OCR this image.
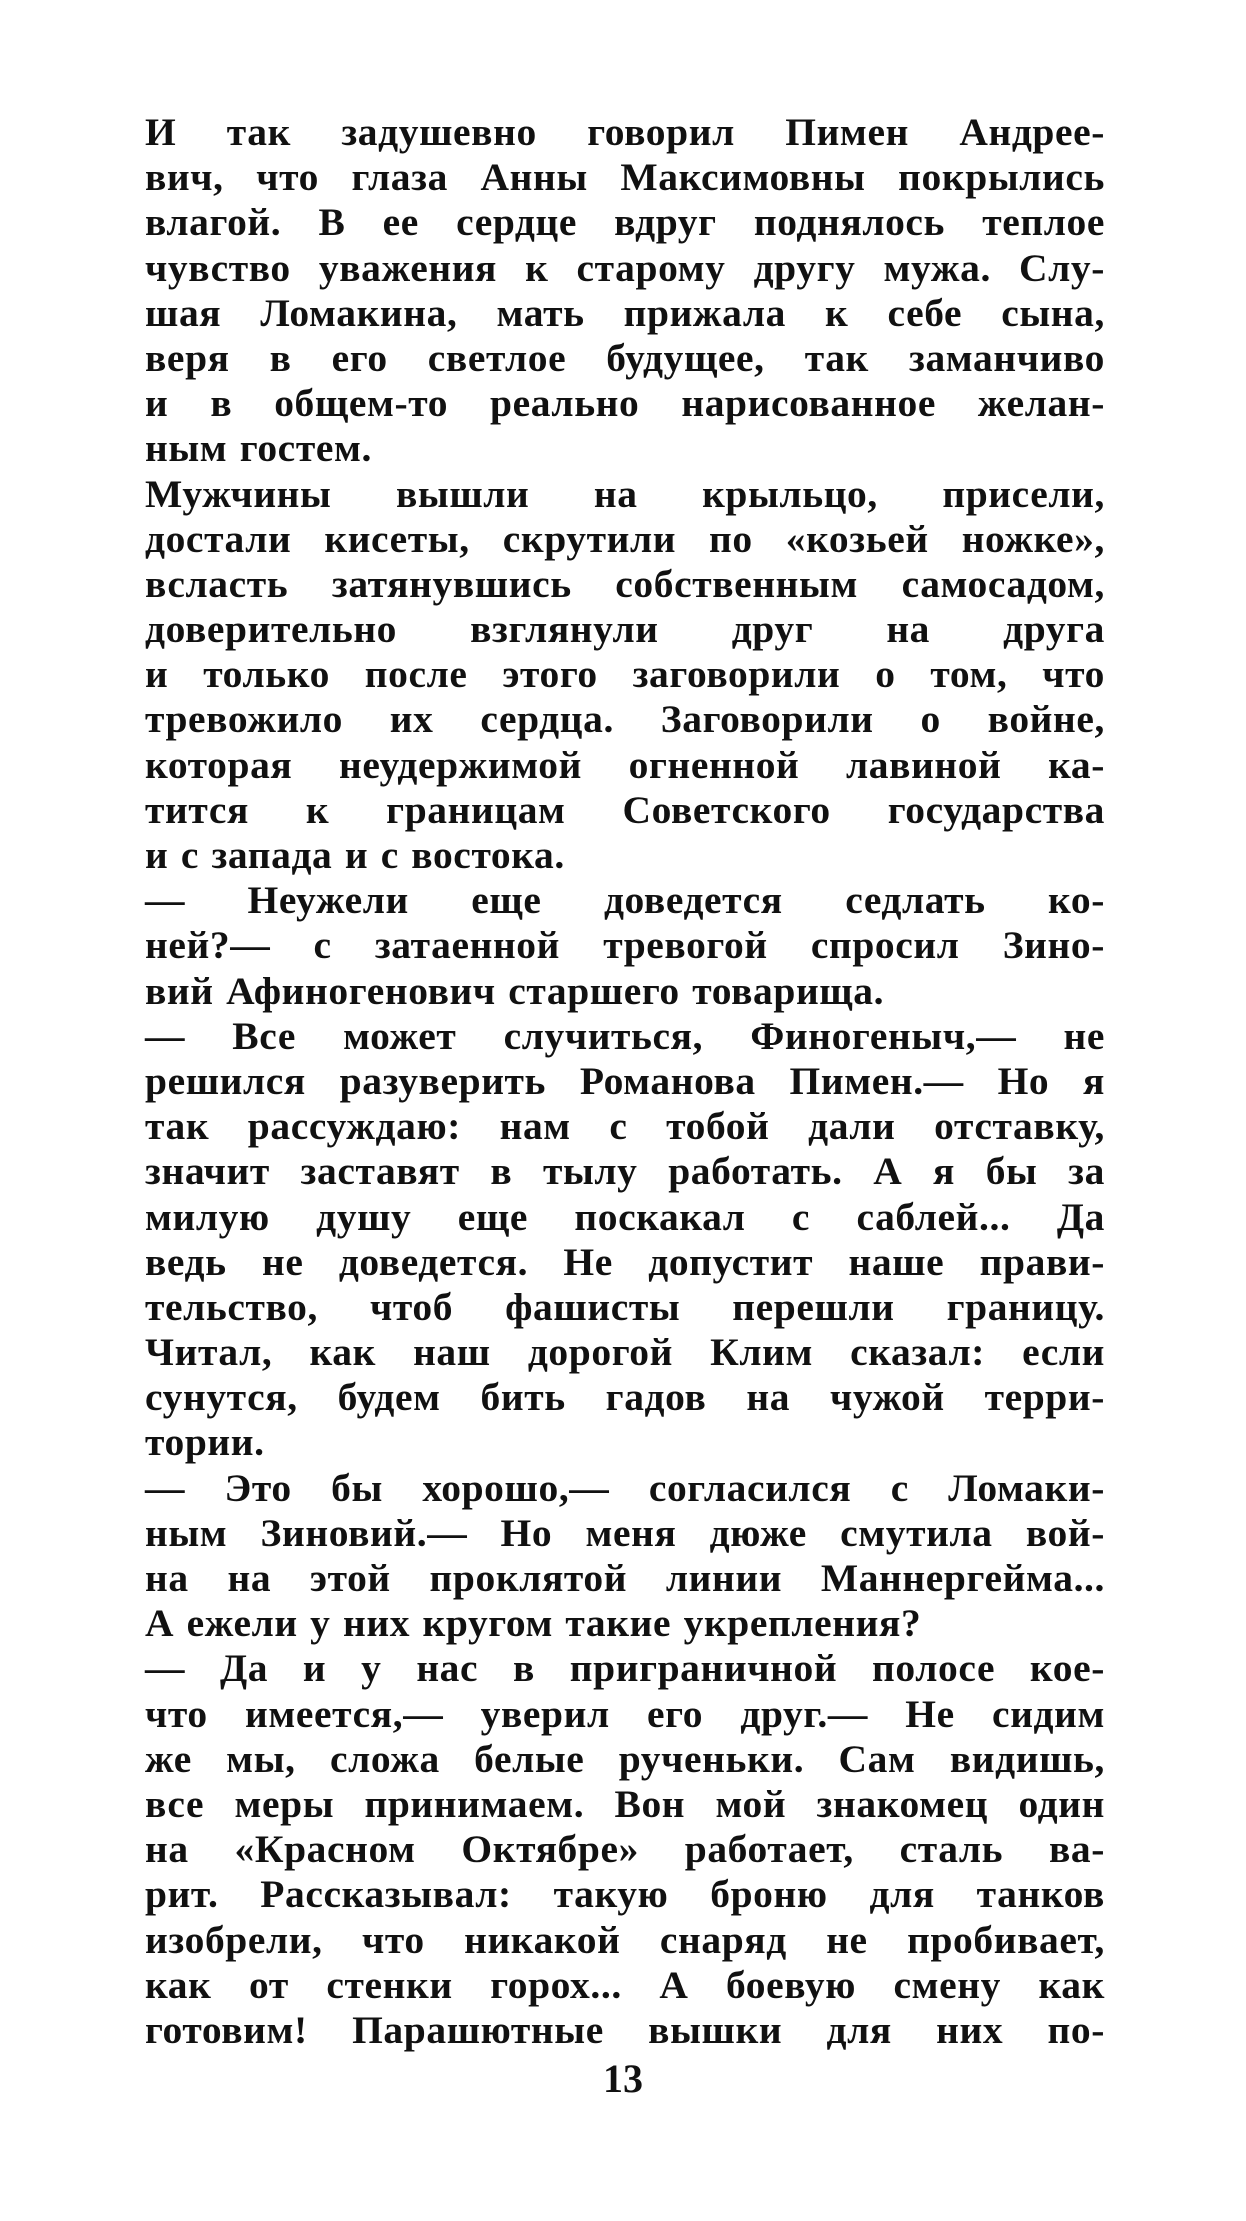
И так задушевно говорил Пимен Андрее-
вич, что глаза Анны Максимовны покрылись
влагой. В ее сердце вдруг поднялось теплое
чувство уважения к старому другу мужа. Слу-
шая Ломакина, мать прижала к себе сына,
веря в его светлое будущее, так заманчиво
и в общем-то реально нарисованное желан-
ным гостем.
Мужчины вышли на крыльцо, присели,
достали кисеты, скрутили по «козьей ножке»,
всласть затянувшись собственным самосадом,
доверительно взглянули друг на друга
и только после этого заговорили о том, что
тревожило их сердца. Заговорили о войне,
которая неудержимой огненной лавиной ка-
тится к границам Советского государства
и с запада и с востока.
— Неужели еще доведется седлать ко-
ней?— с затаенной тревогой спросил Зино-
вий Афиногенович старшего товарища.
— Все может случиться, Финогеныч,— не
решился разуверить Романова Пимен.— Но я
так рассуждаю: нам с тобой дали отставку,
значит заставят в тылу работать. А я бы за
милую душу еще поскакал с саблей... Да
ведь не доведется. Не допустит наше прави-
тельство, чтоб фашисты перешли границу.
Читал, как наш дорогой Клим сказал: если
сунутся, будем бить гадов на чужой терри-
тории.
— Это бы хорошо,— согласился с Ломаки-
ным Зиновий.— Но меня дюже смутила вой-
на на этой проклятой линии Маннергейма...
А ежели у них кругом такие укрепления?
— Да и у нас в приграничной полосе кое-
что имеется,— уверил его друг.— Не сидим
же мы, сложа белые рученьки. Сам видишь,
все меры принимаем. Вон мой знакомец один
на «Красном Октябре» работает, сталь ва-
рит. Рассказывал: такую броню для танков
изобрели, что никакой снаряд не пробивает,
как от стенки горох... А боевую смену как
готовим! Парашютные вышки для них по-
13
